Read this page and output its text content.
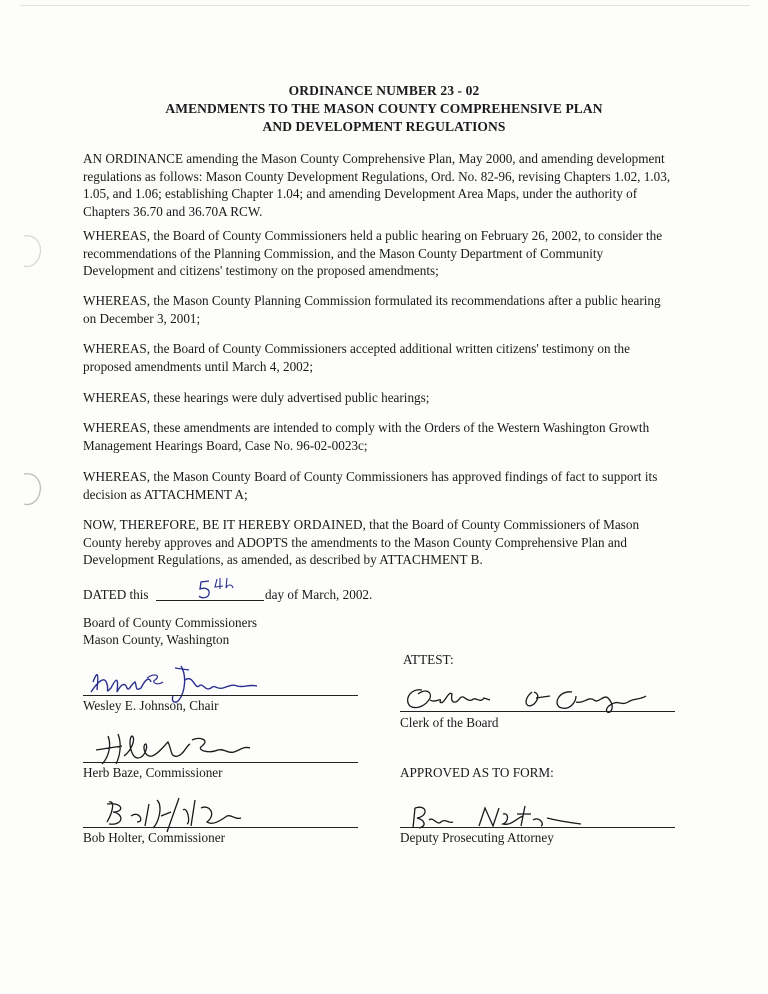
ORDINANCE NUMBER 23 - 02
AMENDMENTS TO THE MASON COUNTY COMPREHENSIVE PLAN
AND DEVELOPMENT REGULATIONS
AN ORDINANCE amending the Mason County Comprehensive Plan, May 2000, and amending development regulations as follows: Mason County Development Regulations, Ord. No. 82-96, revising Chapters 1.02, 1.03, 1.05, and 1.06; establishing Chapter 1.04; and amending Development Area Maps, under the authority of Chapters 36.70 and 36.70A RCW.
WHEREAS, the Board of County Commissioners held a public hearing on February 26, 2002, to consider the recommendations of the Planning Commission, and the Mason County Department of Community Development and citizens' testimony on the proposed amendments;
WHEREAS, the Mason County Planning Commission formulated its recommendations after a public hearing on December 3, 2001;
WHEREAS, the Board of County Commissioners accepted additional written citizens' testimony on the proposed amendments until March 4, 2002;
WHEREAS, these hearings were duly advertised public hearings;
WHEREAS, these amendments are intended to comply with the Orders of the Western Washington Growth Management Hearings Board, Case No. 96-02-0023c;
WHEREAS, the Mason County Board of County Commissioners has approved findings of fact to support its decision as ATTACHMENT A;
NOW, THEREFORE, BE IT HEREBY ORDAINED, that the Board of County Commissioners of Mason County hereby approves and ADOPTS the amendments to the Mason County Comprehensive Plan and Development Regulations, as amended, as described by ATTACHMENT B.
DATED this	day of March, 2002.
Board of County Commissioners
Mason County, Washington
ATTEST:
Wesley E. Johnson, Chair
Clerk of the Board
Herb Baze, Commissioner	APPROVED AS TO FORM:
Bob Holter, Commissioner	Deputy Prosecuting Attorney
